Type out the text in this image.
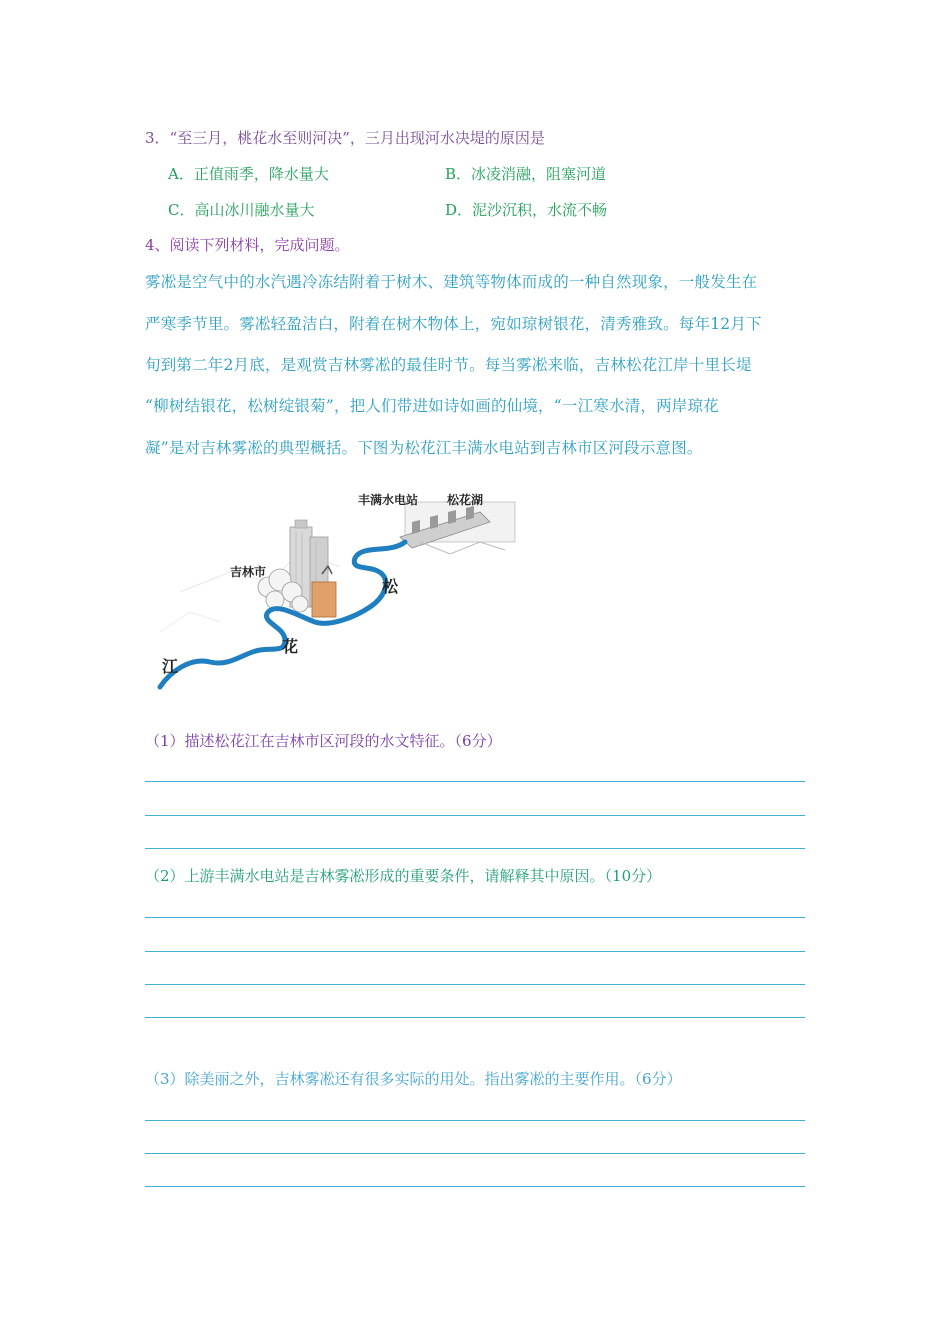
3．“至三月，桃花水至则河决”，三月出现河水决堤的原因是
A．正值雨季，降水量大	B．冰凌消融，阻塞河道
C．高山冰川融水量大	D．泥沙沉积，水流不畅
4、阅读下列材料，完成问题。
雾凇是空气中的水汽遇冷冻结附着于树木、建筑等物体而成的一种自然现象，一般发生在
严寒季节里。雾凇轻盈洁白，附着在树木物体上，宛如琼树银花，清秀雅致。每年12月下
旬到第二年2月底，是观赏吉林雾凇的最佳时节。每当雾凇来临，吉林松花江岸十里长堤
“柳树结银花，松树绽银菊”，把人们带进如诗如画的仙境，“一江寒水清，两岸琼花
凝”是对吉林雾凇的典型概括。下图为松花江丰满水电站到吉林市区河段示意图。
丰满水电站 松花湖
吉林市
松
花
江
（1）描述松花江在吉林市区河段的水文特征。（6分）
（2）上游丰满水电站是吉林雾凇形成的重要条件，请解释其中原因。（10分）
（3）除美丽之外，吉林雾凇还有很多实际的用处。指出雾凇的主要作用。（6分）
